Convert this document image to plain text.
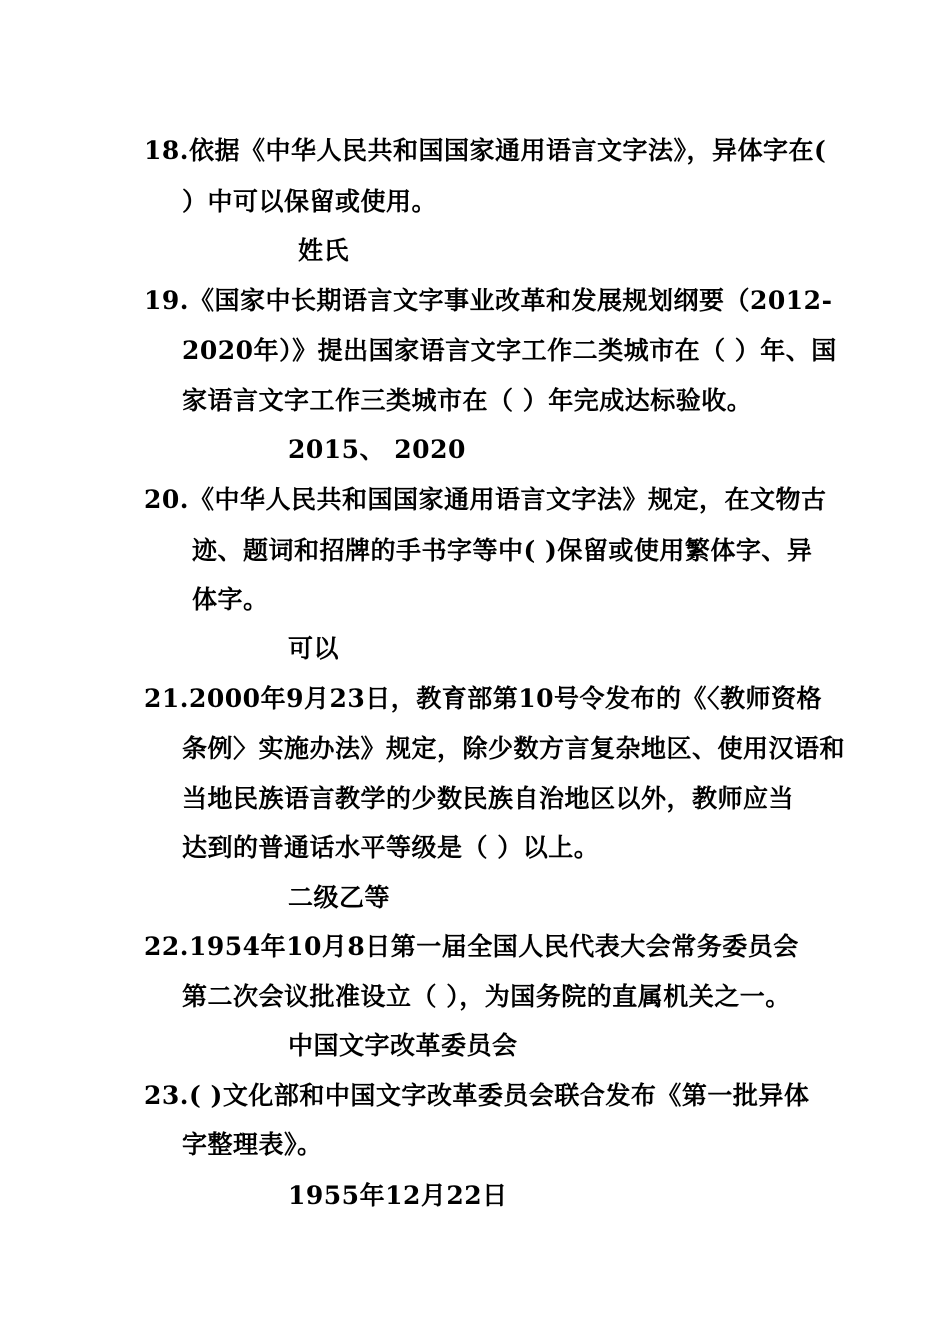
18.依据《中华人民共和国国家通用语言文字法》，异体字在(
）中可以保留或使用。
姓氏
19.《国家中长期语言文字事业改革和发展规划纲要（2012-
2020年）》提出国家语言文字工作二类城市在（ ）年、国
家语言文字工作三类城市在（ ）年完成达标验收。
2015、 2020
20.《中华人民共和国国家通用语言文字法》规定，在文物古
迹、题词和招牌的手书字等中( )保留或使用繁体字、异
体字。
可以
21.2000年9月23日，教育部第10号令发布的《〈教师资格
条例〉实施办法》规定，除少数方言复杂地区、使用汉语和
当地民族语言教学的少数民族自治地区以外，教师应当
达到的普通话水平等级是（ ）以上。
二级乙等
22.1954年10月8日第一届全国人民代表大会常务委员会
第二次会议批准设立（ ），为国务院的直属机关之一。
中国文字改革委员会
23.( )文化部和中国文字改革委员会联合发布《第一批异体
字整理表》。
1955年12月22日
